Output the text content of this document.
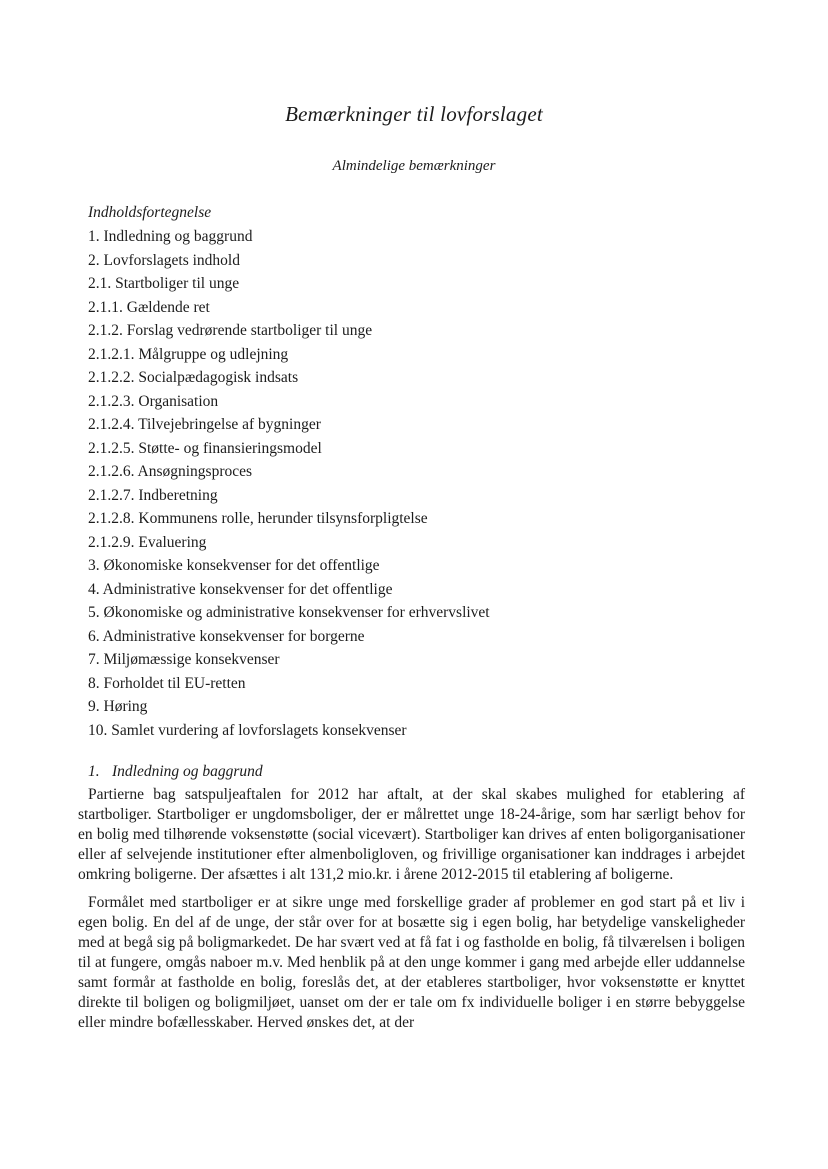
Bemærkninger til lovforslaget
Almindelige bemærkninger
Indholdsfortegnelse
1. Indledning og baggrund
2. Lovforslagets indhold
2.1. Startboliger til unge
2.1.1. Gældende ret
2.1.2. Forslag vedrørende startboliger til unge
2.1.2.1. Målgruppe og udlejning
2.1.2.2. Socialpædagogisk indsats
2.1.2.3. Organisation
2.1.2.4. Tilvejebringelse af bygninger
2.1.2.5. Støtte- og finansieringsmodel
2.1.2.6. Ansøgningsproces
2.1.2.7. Indberetning
2.1.2.8. Kommunens rolle, herunder tilsynsforpligtelse
2.1.2.9. Evaluering
3. Økonomiske konsekvenser for det offentlige
4. Administrative konsekvenser for det offentlige
5. Økonomiske og administrative konsekvenser for erhvervslivet
6. Administrative konsekvenser for borgerne
7. Miljømæssige konsekvenser
8. Forholdet til EU-retten
9. Høring
10. Samlet vurdering af lovforslagets konsekvenser
1. Indledning og baggrund

Partierne bag satspuljeaftalen for 2012 har aftalt, at der skal skabes mulighed for etablering af startboliger. Startboliger er ungdomsboliger, der er målrettet unge 18-24-årige, som har særligt behov for en bolig med tilhørende voksenstøtte (social vicevært). Startboliger kan drives af enten boligorganisationer eller af selvejende institutioner efter almenboligloven, og frivillige organisationer kan inddrages i arbejdet omkring boligerne. Der afsættes i alt 131,2 mio.kr. i årene 2012-2015 til etablering af boligerne.

Formålet med startboliger er at sikre unge med forskellige grader af problemer en god start på et liv i egen bolig. En del af de unge, der står over for at bosætte sig i egen bolig, har betydelige vanskeligheder med at begå sig på boligmarkedet. De har svært ved at få fat i og fastholde en bolig, få tilværelsen i boligen til at fungere, omgås naboer m.v. Med henblik på at den unge kommer i gang med arbejde eller uddannelse samt formår at fastholde en bolig, foreslås det, at der etableres startboliger, hvor voksenstøtte er knyttet direkte til boligen og boligmiljøet, uanset om der er tale om fx individuelle boliger i en større bebyggelse eller mindre bofællesskaber. Herved ønskes det, at der
